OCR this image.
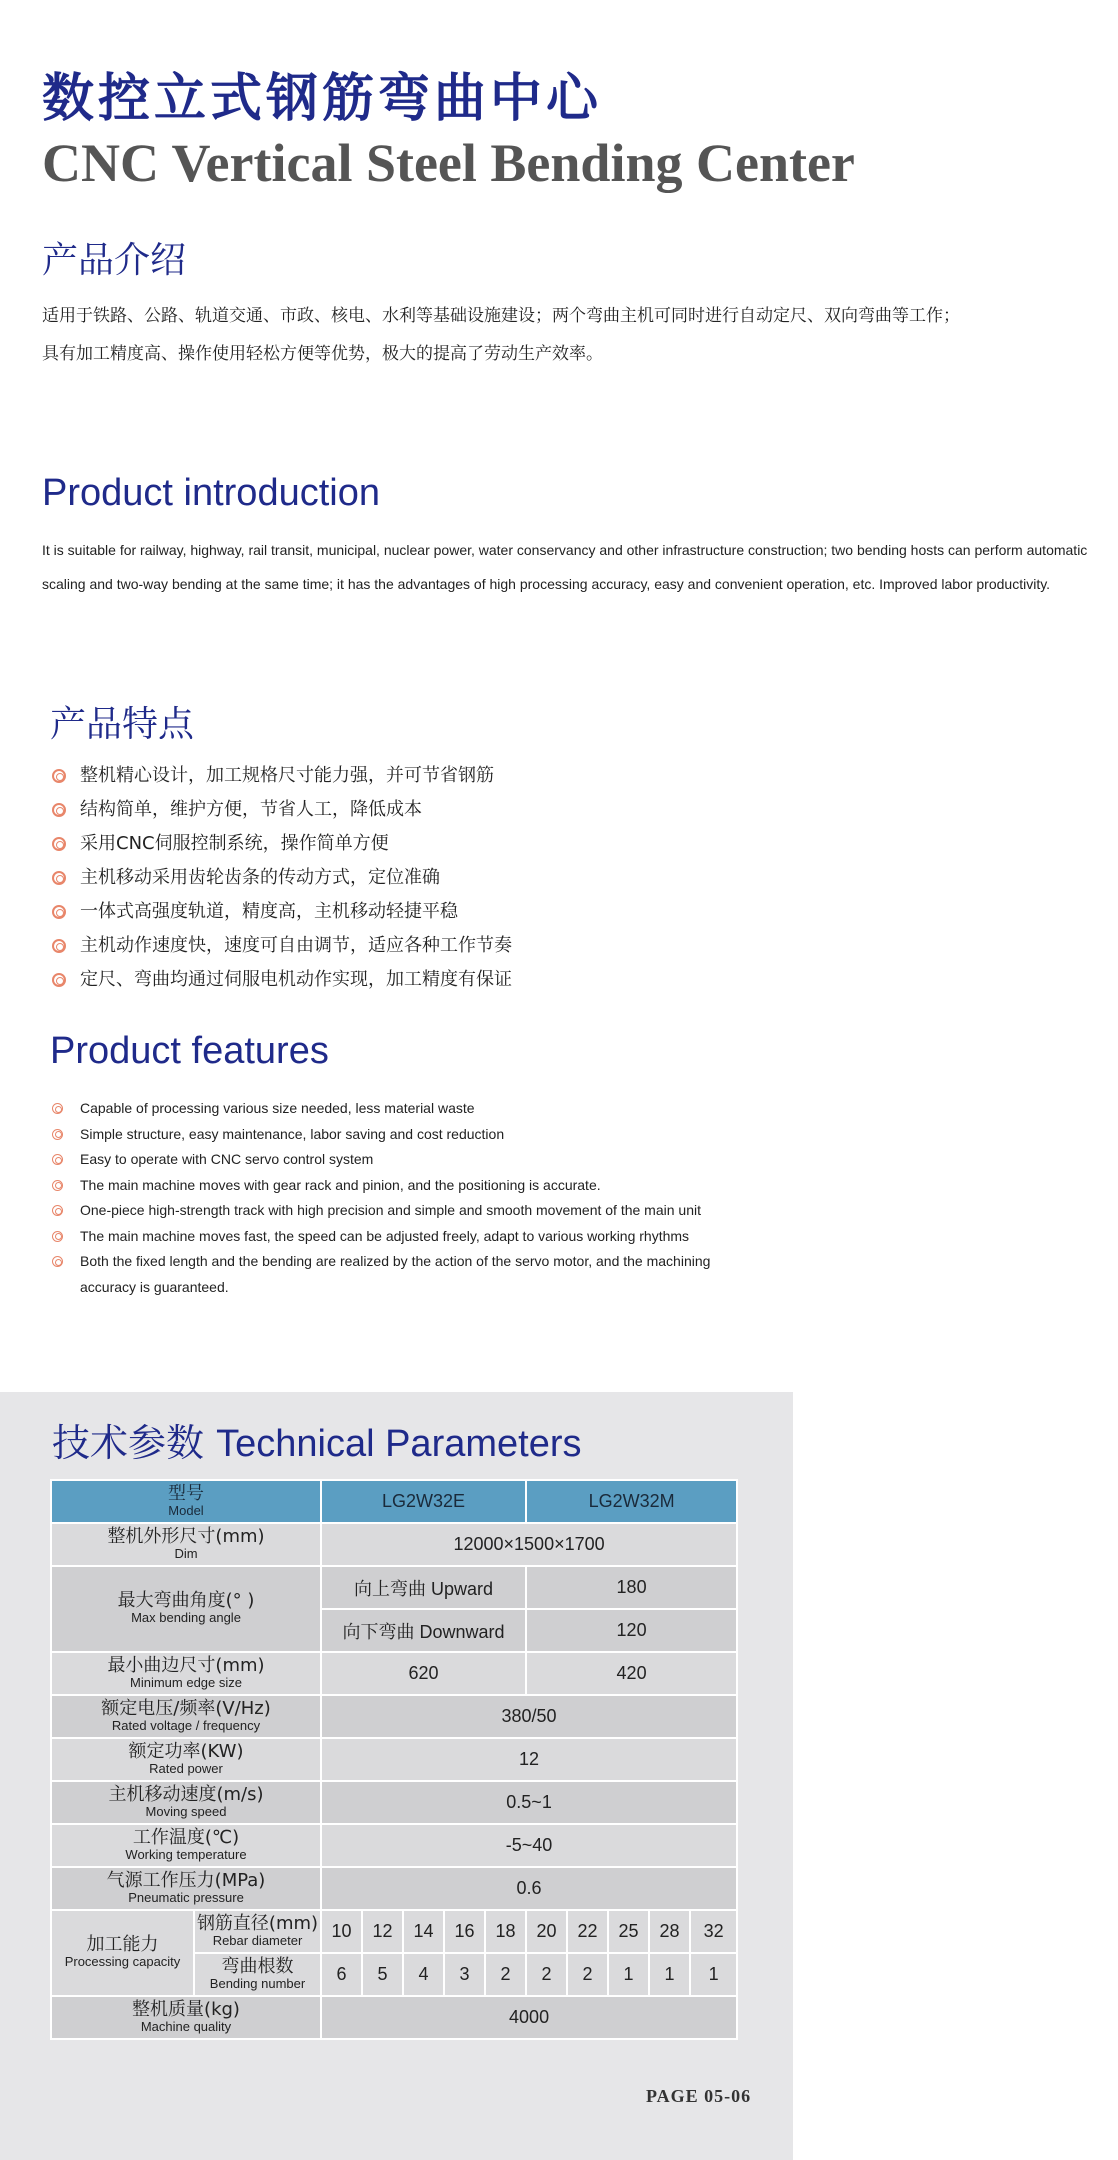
数控立式钢筋弯曲中心
CNC Vertical Steel Bending Center
产品介绍
适用于铁路、公路、轨道交通、市政、核电、水利等基础设施建设；两个弯曲主机可同时进行自动定尺、双向弯曲等工作；
具有加工精度高、操作使用轻松方便等优势，极大的提高了劳动生产效率。
Product introduction
It is suitable for railway, highway, rail transit, municipal, nuclear power, water conservancy and other infrastructure construction; two bending hosts can perform automatic scaling and two-way bending at the same time; it has the advantages of high processing accuracy, easy and convenient operation, etc. Improved labor productivity.
产品特点
整机精心设计，加工规格尺寸能力强，并可节省钢筋
结构简单，维护方便，节省人工，降低成本
采用CNC伺服控制系统，操作简单方便
主机移动采用齿轮齿条的传动方式，定位准确
一体式高强度轨道，精度高，主机移动轻捷平稳
主机动作速度快，速度可自由调节，适应各种工作节奏
定尺、弯曲均通过伺服电机动作实现，加工精度有保证
Product features
Capable of processing various size needed, less material waste
Simple structure, easy maintenance, labor saving and cost reduction
Easy to operate with CNC servo control system
The main machine moves with gear rack and pinion, and the positioning is accurate.
One-piece high-strength track with high precision and simple and smooth movement of the main unit
The main machine moves fast, the speed can be adjusted freely, adapt to various working rhythms
Both the fixed length and the bending are realized by the action of the servo motor, and the machining accuracy is guaranteed.
技术参数 Technical Parameters
型号
Model		LG2W32E					LG2W32M				

整机外形尺寸(mm)
Dim		12000×1500×1700									

最大弯曲角度(° )
Max bending angle		向上弯曲 Upward					180				
		向下弯曲 Downward					120				

最小曲边尺寸(mm)
Minimum edge size		620					420				

额定电压/频率(V/Hz)
Rated voltage / frequency		380/50									

额定功率(KW)
Rated power		12									

主机移动速度(m/s)
Moving speed		0.5~1									

工作温度(℃)
Working temperature		-5~40									

气源工作压力(MPa)
Pneumatic pressure		0.6									

加工能力
Processing capacity	钢筋直径(mm)
Rebar diameter	10	12	14	16	18	20	22	25	28	32

	弯曲根数
Bending number	6	5	4	3	2	2	2	1	1	1

整机质量(kg)
Machine quality		4000									
PAGE 05-06
